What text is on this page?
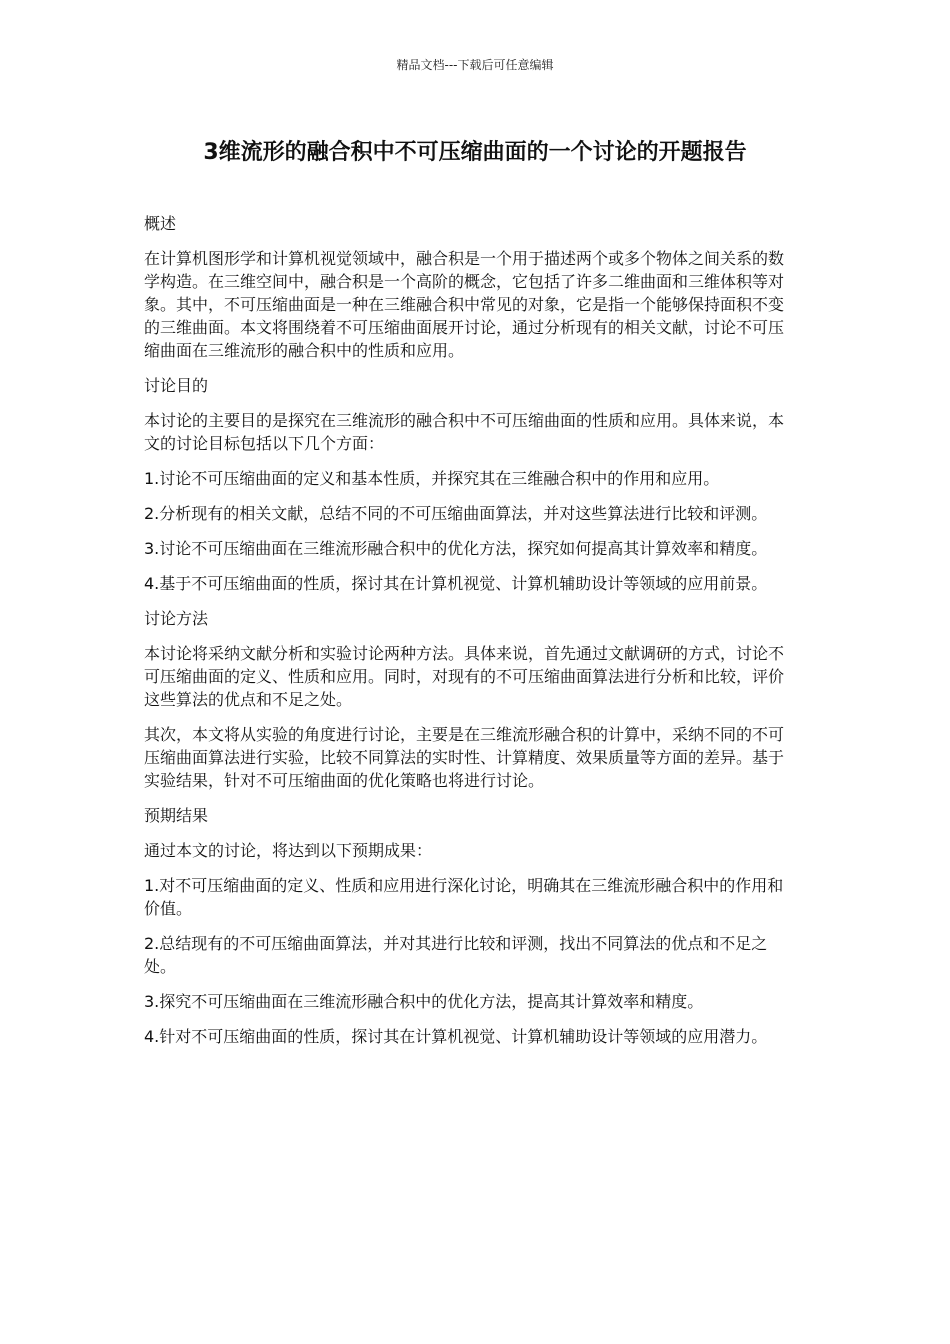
精品文档---下载后可任意编辑
3维流形的融合积中不可压缩曲面的一个讨论的开题报告

概述

在计算机图形学和计算机视觉领域中，融合积是一个用于描述两个或多个物体之间关系的数学构造。在三维空间中，融合积是一个高阶的概念，它包括了许多二维曲面和三维体积等对象。其中，不可压缩曲面是一种在三维融合积中常见的对象，它是指一个能够保持面积不变的三维曲面。本文将围绕着不可压缩曲面展开讨论，通过分析现有的相关文献，讨论不可压缩曲面在三维流形的融合积中的性质和应用。

讨论目的

本讨论的主要目的是探究在三维流形的融合积中不可压缩曲面的性质和应用。具体来说，本文的讨论目标包括以下几个方面：

1.讨论不可压缩曲面的定义和基本性质，并探究其在三维融合积中的作用和应用。

2.分析现有的相关文献，总结不同的不可压缩曲面算法，并对这些算法进行比较和评测。

3.讨论不可压缩曲面在三维流形融合积中的优化方法，探究如何提高其计算效率和精度。

4.基于不可压缩曲面的性质，探讨其在计算机视觉、计算机辅助设计等领域的应用前景。

讨论方法

本讨论将采纳文献分析和实验讨论两种方法。具体来说，首先通过文献调研的方式，讨论不可压缩曲面的定义、性质和应用。同时，对现有的不可压缩曲面算法进行分析和比较，评价这些算法的优点和不足之处。

其次，本文将从实验的角度进行讨论，主要是在三维流形融合积的计算中，采纳不同的不可压缩曲面算法进行实验，比较不同算法的实时性、计算精度、效果质量等方面的差异。基于实验结果，针对不可压缩曲面的优化策略也将进行讨论。

预期结果

通过本文的讨论，将达到以下预期成果：

1.对不可压缩曲面的定义、性质和应用进行深化讨论，明确其在三维流形融合积中的作用和价值。

2.总结现有的不可压缩曲面算法，并对其进行比较和评测，找出不同算法的优点和不足之处。

3.探究不可压缩曲面在三维流形融合积中的优化方法，提高其计算效率和精度。

4.针对不可压缩曲面的性质，探讨其在计算机视觉、计算机辅助设计等领域的应用潜力。
